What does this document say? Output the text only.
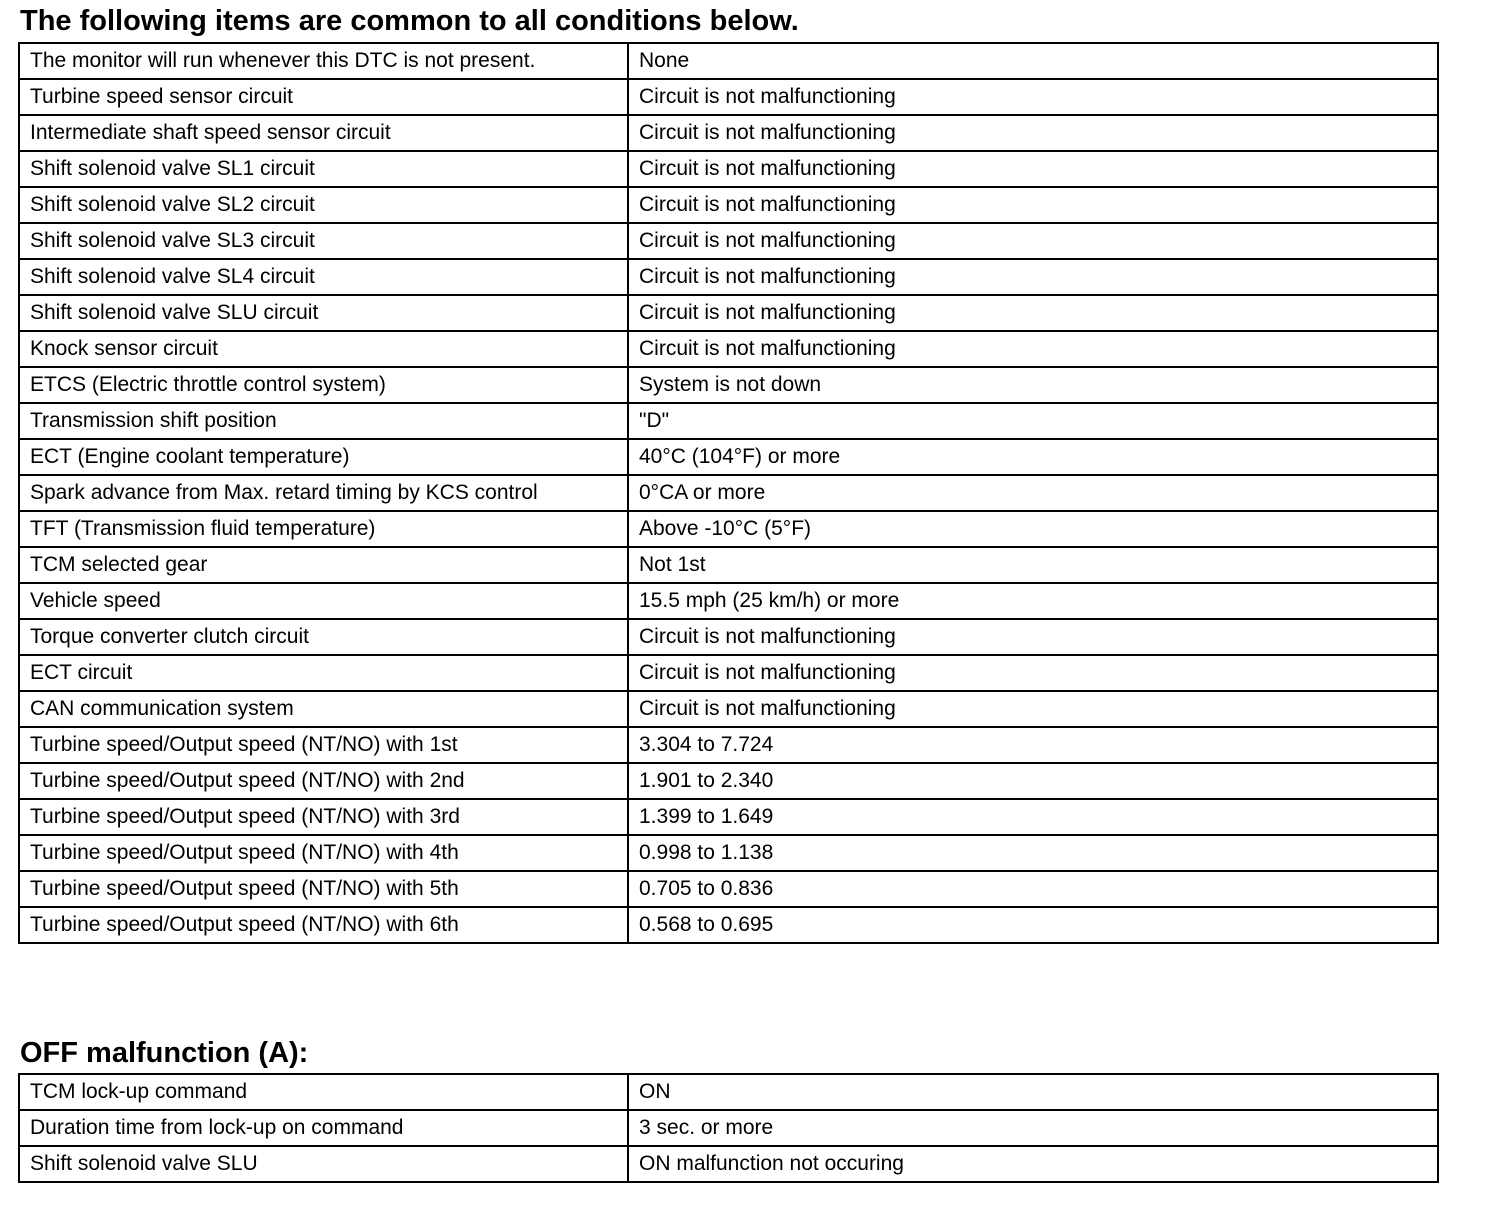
The following items are common to all conditions below.
The monitor will run whenever this DTC is not present.	None
Turbine speed sensor circuit	Circuit is not malfunctioning
Intermediate shaft speed sensor circuit	Circuit is not malfunctioning
Shift solenoid valve SL1 circuit	Circuit is not malfunctioning
Shift solenoid valve SL2 circuit	Circuit is not malfunctioning
Shift solenoid valve SL3 circuit	Circuit is not malfunctioning
Shift solenoid valve SL4 circuit	Circuit is not malfunctioning
Shift solenoid valve SLU circuit	Circuit is not malfunctioning
Knock sensor circuit	Circuit is not malfunctioning
ETCS (Electric throttle control system)	System is not down
Transmission shift position	"D"
ECT (Engine coolant temperature)	40°C (104°F) or more
Spark advance from Max. retard timing by KCS control	0°CA or more
TFT (Transmission fluid temperature)	Above -10°C (5°F)
TCM selected gear	Not 1st
Vehicle speed	15.5 mph (25 km/h) or more
Torque converter clutch circuit	Circuit is not malfunctioning
ECT circuit	Circuit is not malfunctioning
CAN communication system	Circuit is not malfunctioning
Turbine speed/Output speed (NT/NO) with 1st	3.304 to 7.724
Turbine speed/Output speed (NT/NO) with 2nd	1.901 to 2.340
Turbine speed/Output speed (NT/NO) with 3rd	1.399 to 1.649
Turbine speed/Output speed (NT/NO) with 4th	0.998 to 1.138
Turbine speed/Output speed (NT/NO) with 5th	0.705 to 0.836
Turbine speed/Output speed (NT/NO) with 6th	0.568 to 0.695
OFF malfunction (A):
TCM lock-up command	ON
Duration time from lock-up on command	3 sec. or more
Shift solenoid valve SLU	ON malfunction not occuring
